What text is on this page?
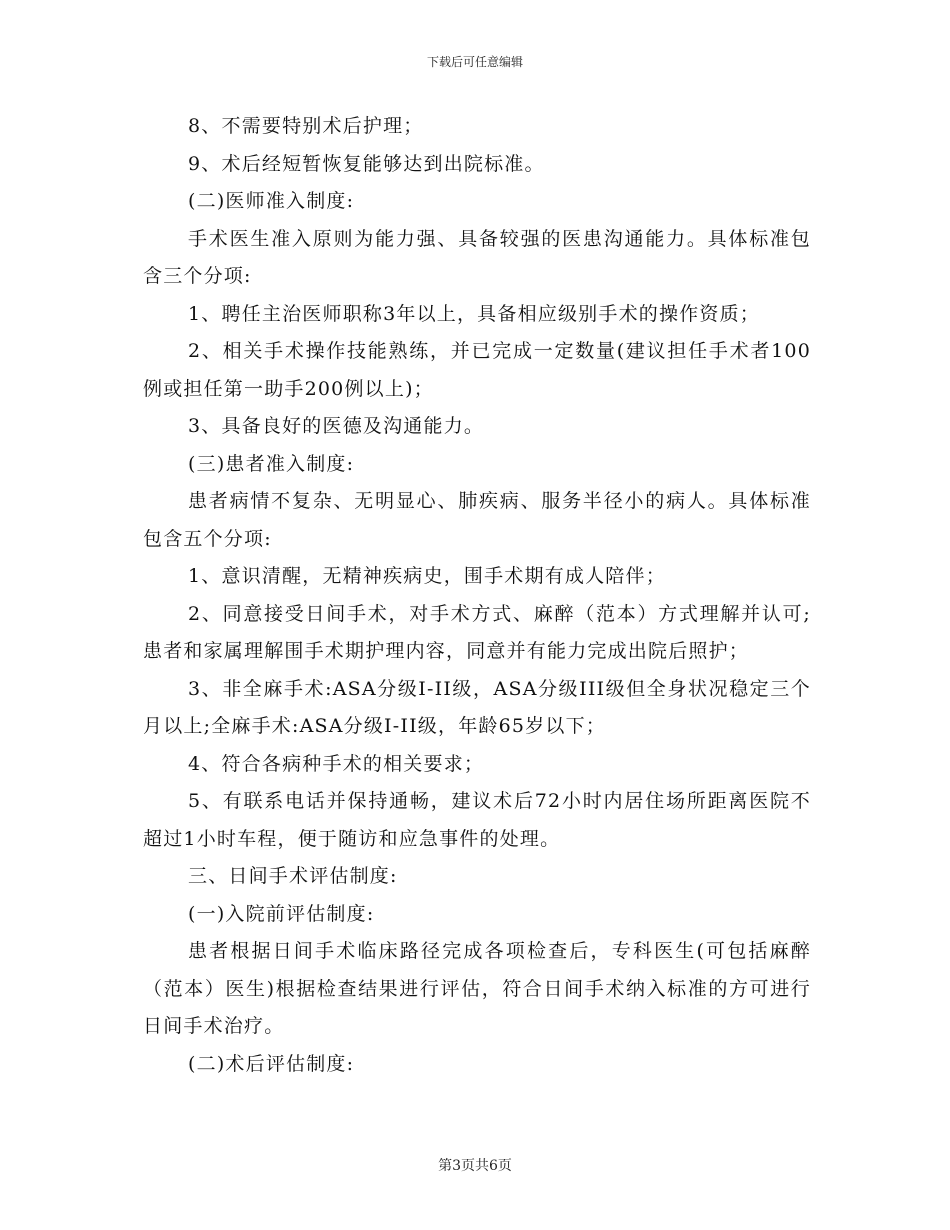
下载后可任意编辑

8、不需要特别术后护理；

9、术后经短暂恢复能够达到出院标准。

(二)医师准入制度:

手术医生准入原则为能力强、具备较强的医患沟通能力。具体标准包含三个分项:

1、聘任主治医师职称3年以上，具备相应级别手术的操作资质；

2、相关手术操作技能熟练，并已完成一定数量(建议担任手术者100例或担任第一助手200例以上)；

3、具备良好的医德及沟通能力。

(三)患者准入制度:

患者病情不复杂、无明显心、肺疾病、服务半径小的病人。具体标准包含五个分项:

1、意识清醒，无精神疾病史，围手术期有成人陪伴；

2、同意接受日间手术，对手术方式、麻醉（范本）方式理解并认可;患者和家属理解围手术期护理内容，同意并有能力完成出院后照护；

3、非全麻手术:ASA分级I-II级，ASA分级III级但全身状况稳定三个月以上;全麻手术:ASA分级I-II级，年龄65岁以下；

4、符合各病种手术的相关要求；

5、有联系电话并保持通畅，建议术后72小时内居住场所距离医院不超过1小时车程，便于随访和应急事件的处理。

三、日间手术评估制度:

(一)入院前评估制度:

患者根据日间手术临床路径完成各项检查后，专科医生(可包括麻醉（范本）医生)根据检查结果进行评估，符合日间手术纳入标准的方可进行日间手术治疗。

(二)术后评估制度:

第3页共6页
